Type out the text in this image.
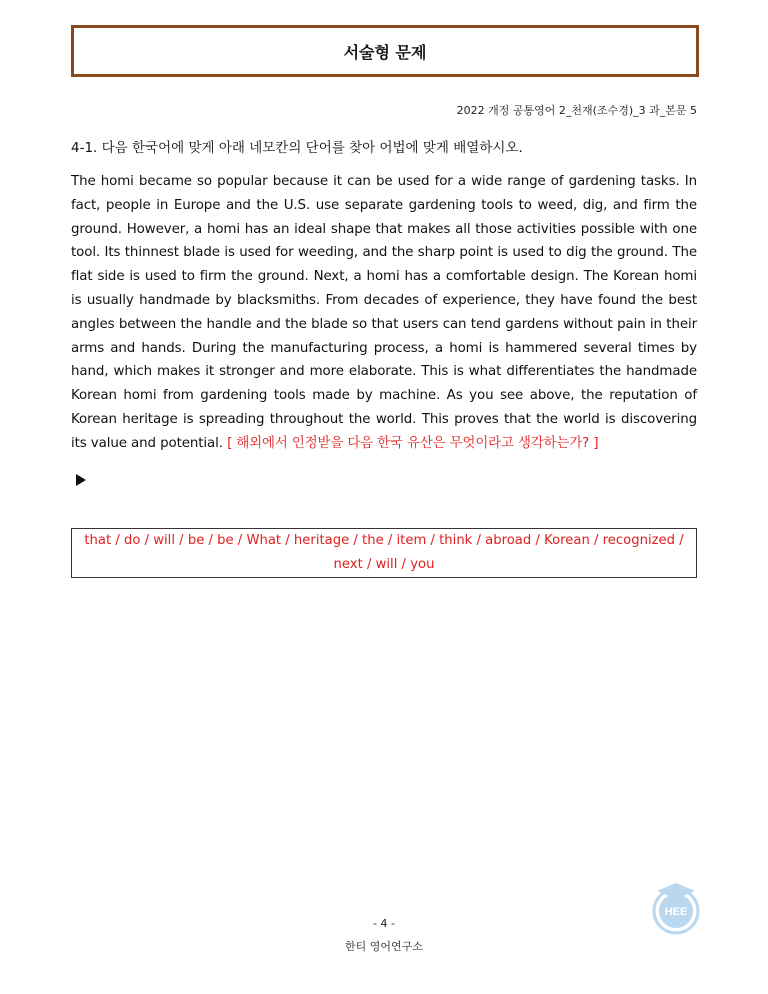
서술형 문제
2022 개정 공통영어 2_천재(조수경)_3 과_본문 5
4-1. 다음 한국어에 맞게 아래 네모칸의 단어를 찾아 어법에 맞게 배열하시오.
The homi became so popular because it can be used for a wide range of gardening tasks. In fact, people in Europe and the U.S. use separate gardening tools to weed, dig, and firm the ground. However, a homi has an ideal shape that makes all those activities possible with one tool. Its thinnest blade is used for weeding, and the sharp point is used to dig the ground. The flat side is used to firm the ground. Next, a homi has a comfortable design. The Korean homi is usually handmade by blacksmiths. From decades of experience, they have found the best angles between the handle and the blade so that users can tend gardens without pain in their arms and hands. During the manufacturing process, a homi is hammered several times by hand, which makes it stronger and more elaborate. This is what differentiates the handmade Korean homi from gardening tools made by machine. As you see above, the reputation of Korean heritage is spreading throughout the world. This proves that the world is discovering its value and potential. [ 해외에서 인정받을 다음 한국 유산은 무엇이라고 생각하는가? ]
that / do / will / be / be / What / heritage / the / item / think / abroad / Korean / recognized / next / will / you
- 4 -
한티 영어연구소
HEE
